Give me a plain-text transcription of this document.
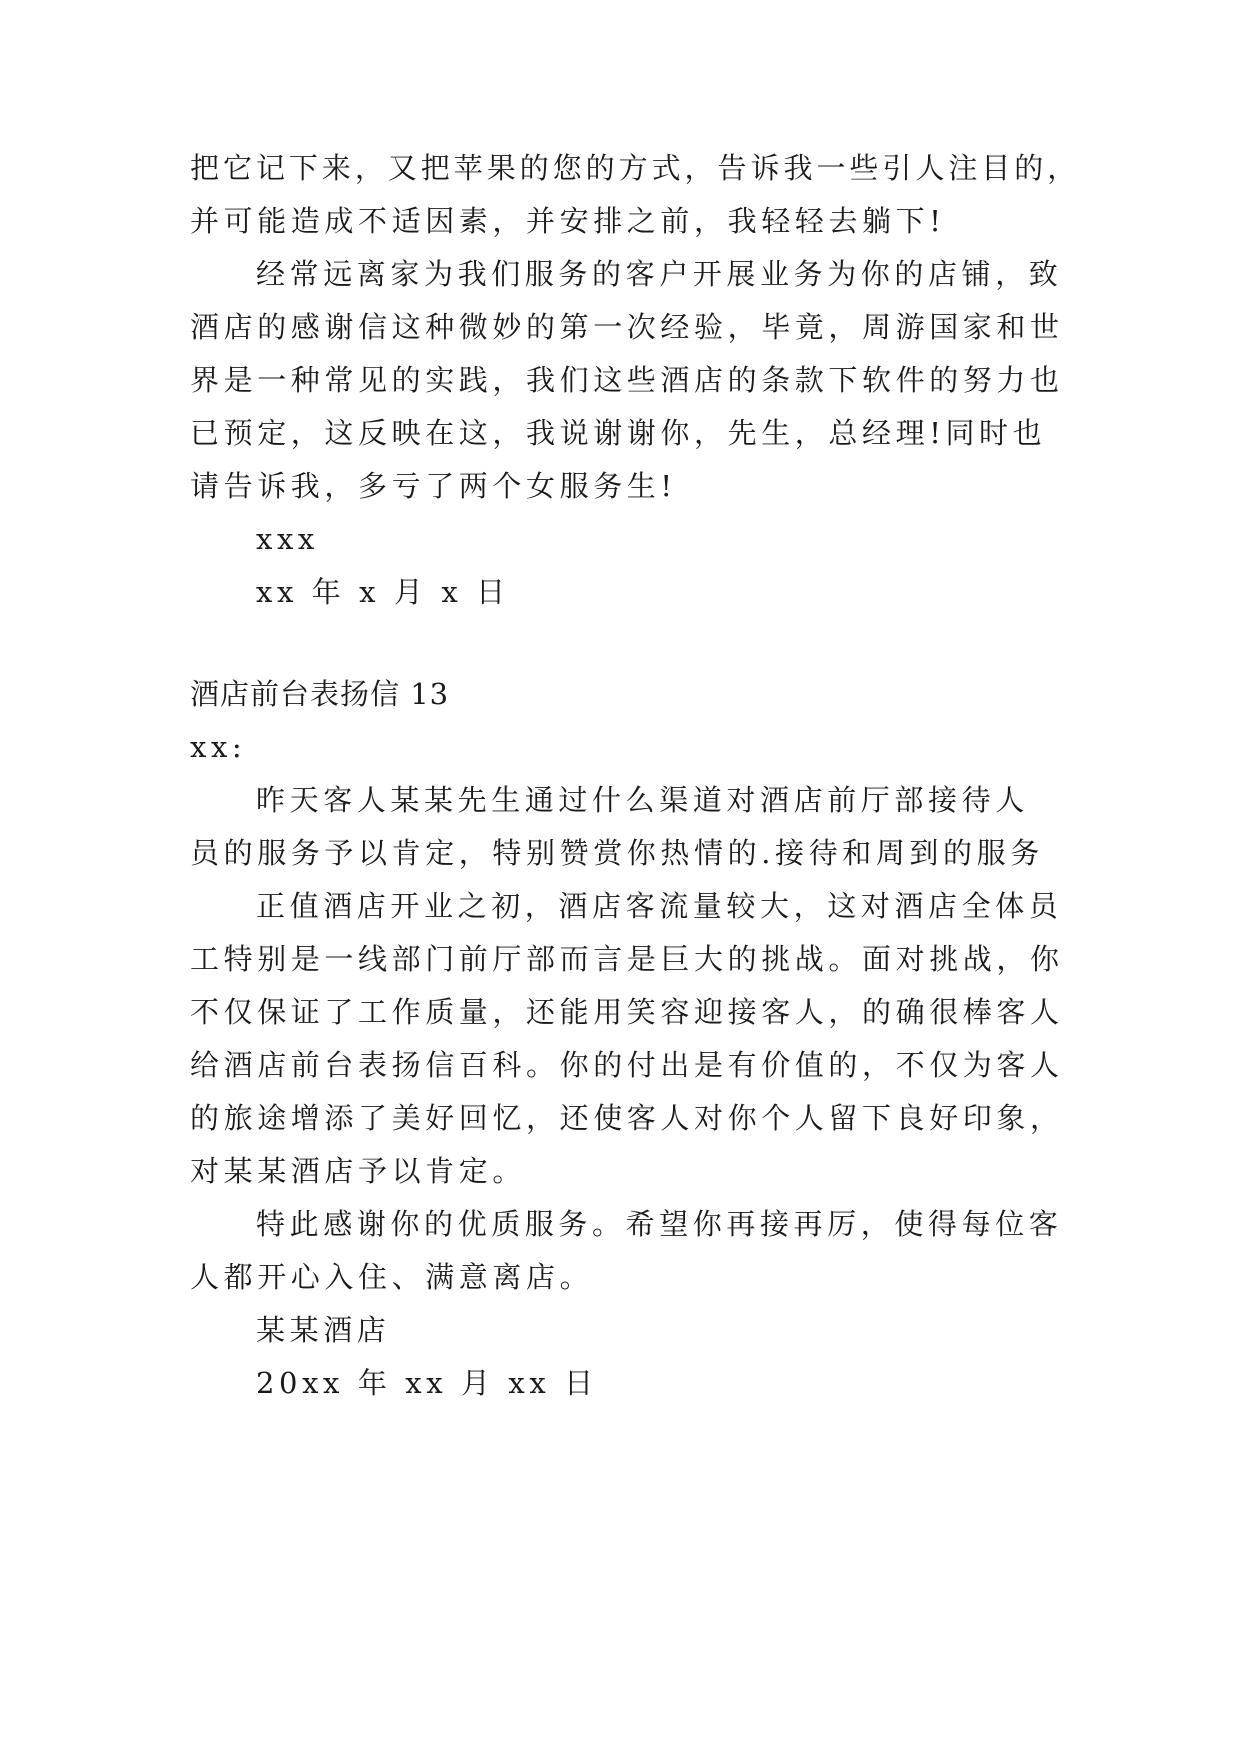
把它记下来，又把苹果的您的方式，告诉我一些引人注目的，
并可能造成不适因素，并安排之前，我轻轻去躺下!
经常远离家为我们服务的客户开展业务为你的店铺，致
酒店的感谢信这种微妙的第一次经验，毕竟，周游国家和世
界是一种常见的实践，我们这些酒店的条款下软件的努力也
已预定，这反映在这，我说谢谢你，先生，总经理!同时也
请告诉我，多亏了两个女服务生!
xxx
xx 年 x 月 x 日
酒店前台表扬信 13
xx:
昨天客人某某先生通过什么渠道对酒店前厅部接待人
员的服务予以肯定，特别赞赏你热情的.接待和周到的服务
正值酒店开业之初，酒店客流量较大，这对酒店全体员
工特别是一线部门前厅部而言是巨大的挑战。面对挑战，你
不仅保证了工作质量，还能用笑容迎接客人，的确很棒客人
给酒店前台表扬信百科。你的付出是有价值的，不仅为客人
的旅途增添了美好回忆，还使客人对你个人留下良好印象，
对某某酒店予以肯定。
特此感谢你的优质服务。希望你再接再厉，使得每位客
人都开心入住、满意离店。
某某酒店
20xx 年 xx 月 xx 日
